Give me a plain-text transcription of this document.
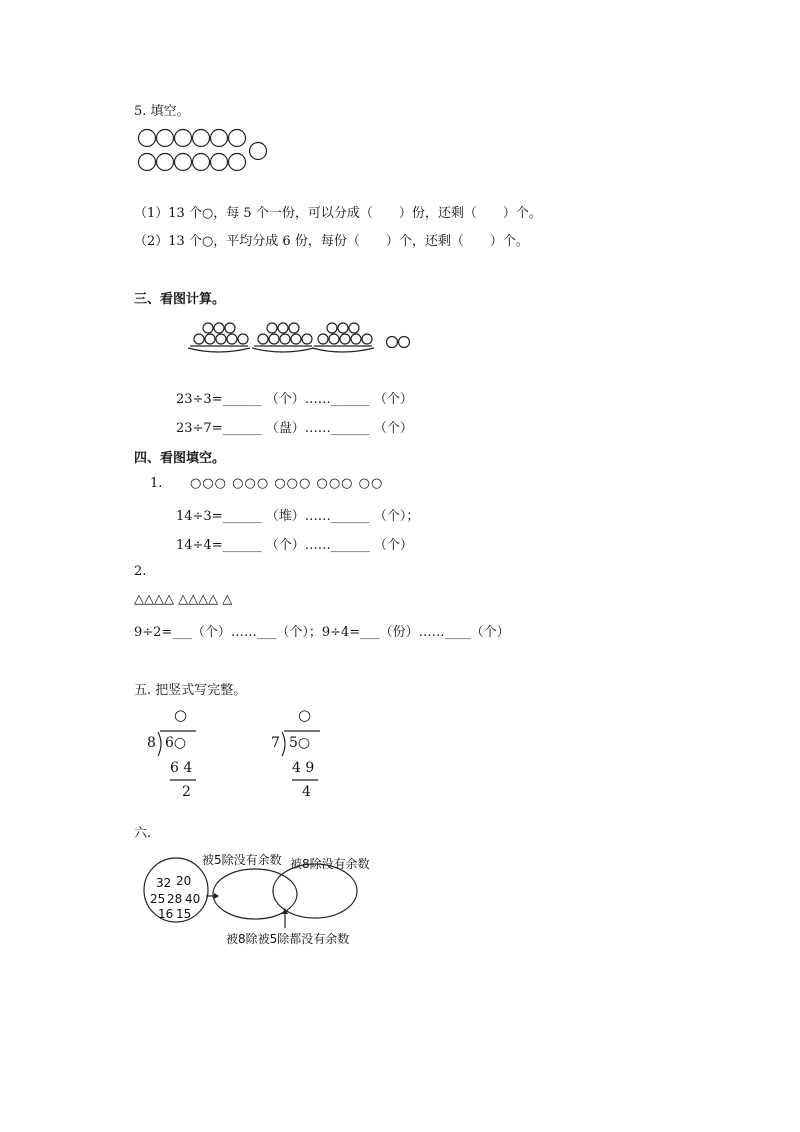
5. 填空。
（1）13 个○，每 5 个一份，可以分成（　　）份，还剩（　　）个。
（2）13 个○，平均分成 6 份，每份（　　）个，还剩（　　）个。
三、看图计算。
23÷3=______ （个）……______ （个）
23÷7=______ （盘）……______ （个）
四、看图填空。
1. ○○○ ○○○ ○○○ ○○○ ○○
14÷3=______ （堆）……______ （个）；
14÷4=______ （个）……______ （个）
2.
△△△△ △△△△ △
9÷2=___（个）……___（个）；9÷4=___（份）……____（个）
五. 把竖式写完整。
○
8 6○
6 4
2
○
7 5○
4 9
4
六.
32 20
25 28 40
16 15
被5除没有余数 被8除没有余数
被8除被5除都没有余数
